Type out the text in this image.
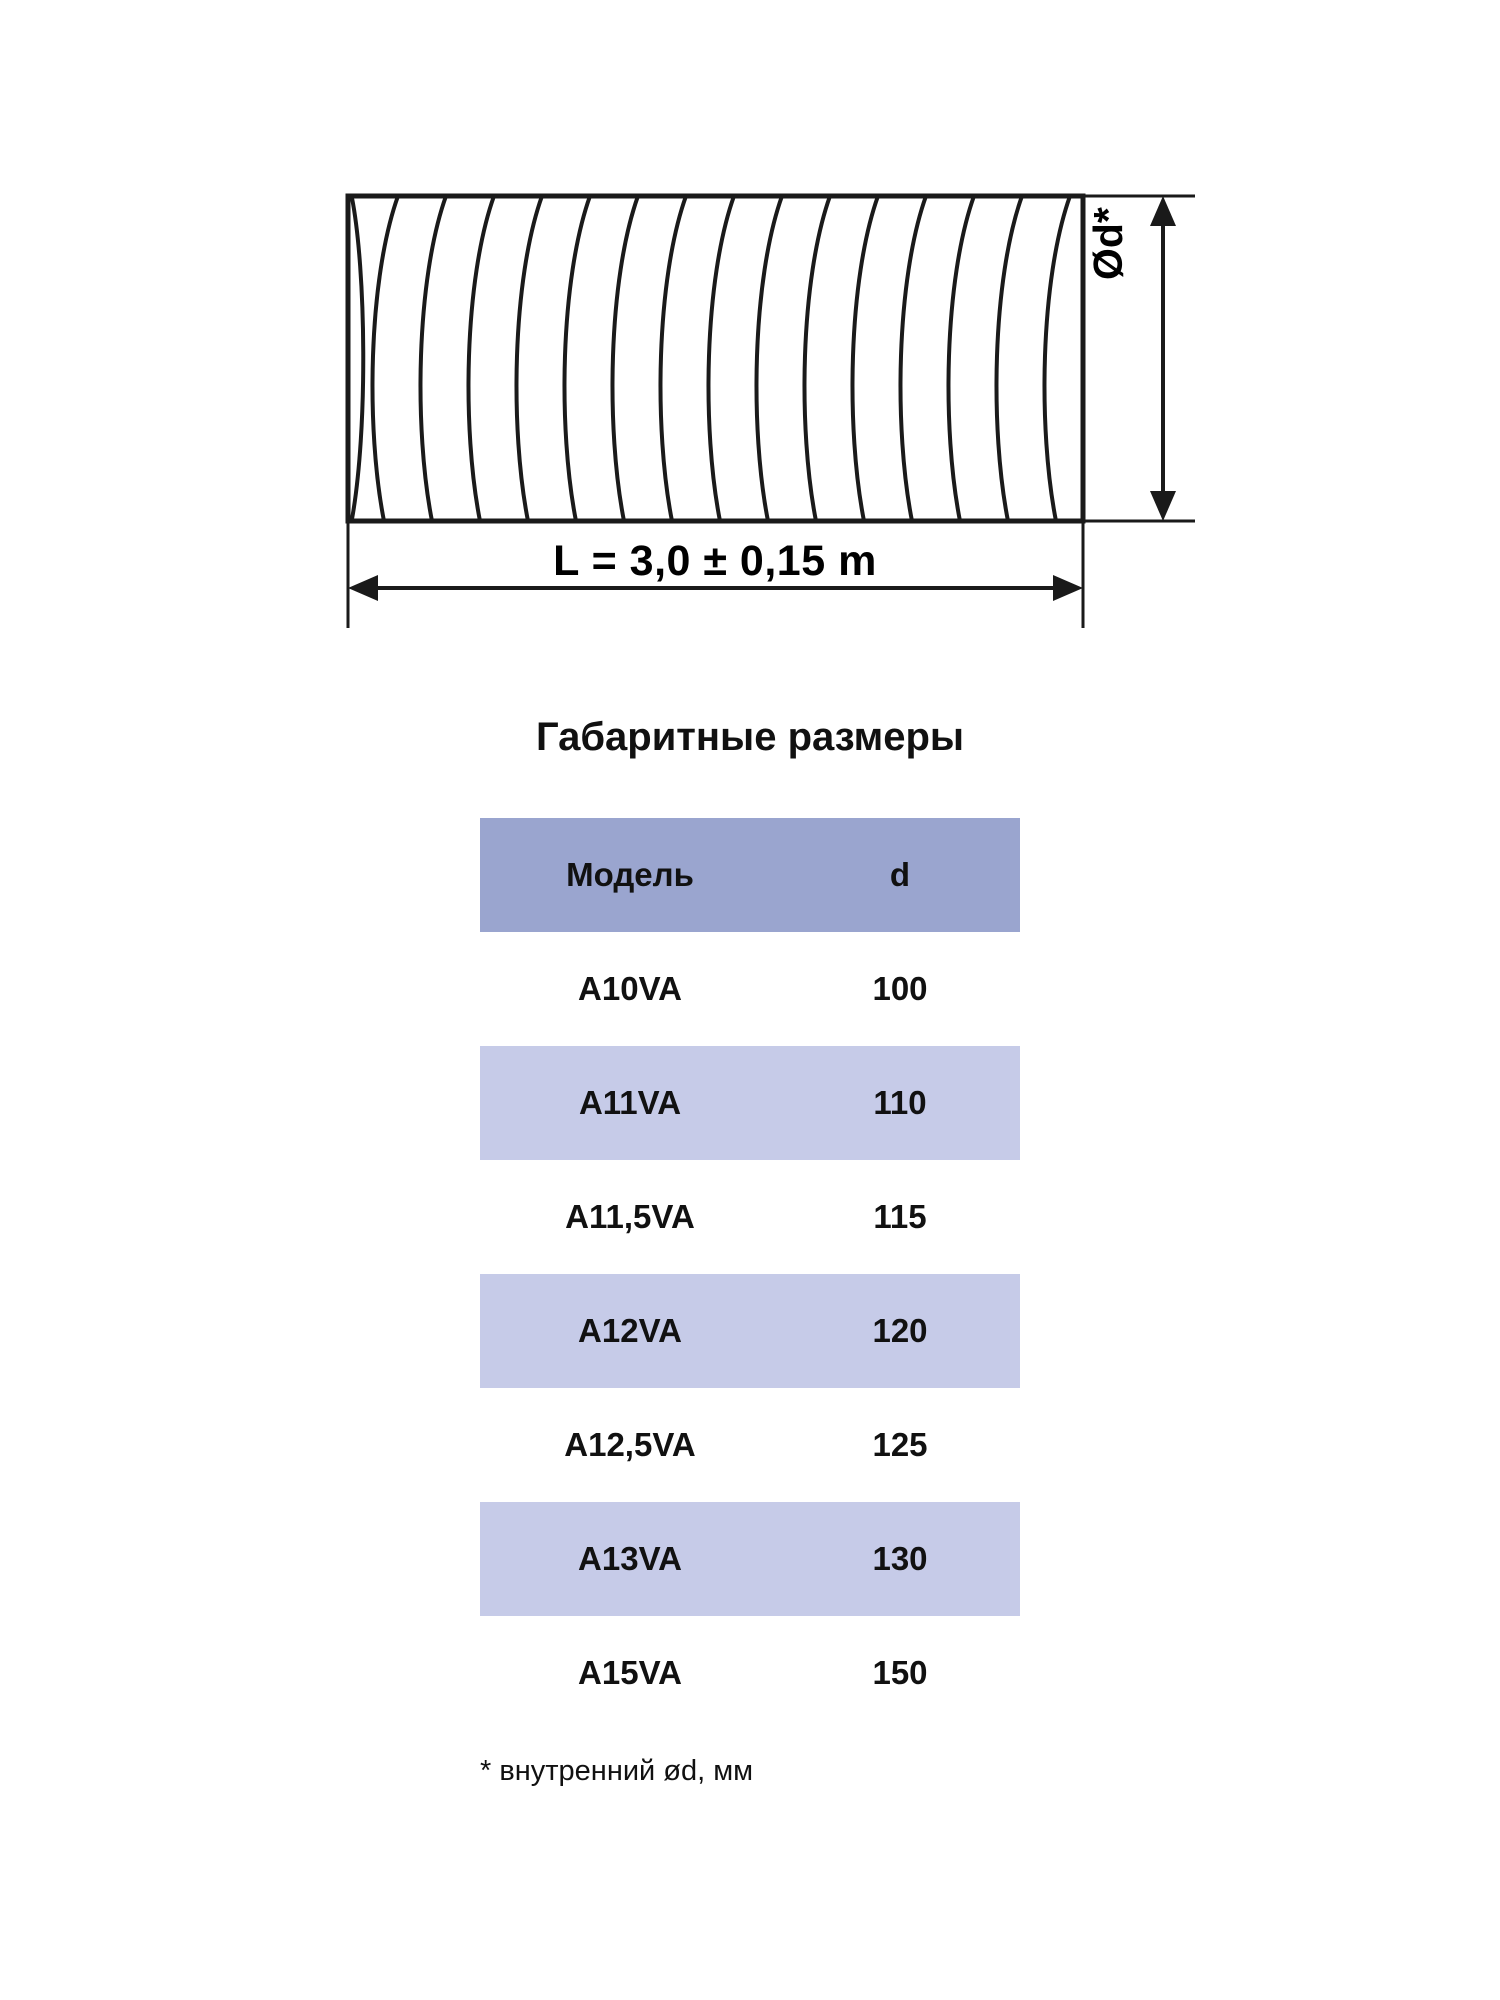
L = 3,0 ± 0,15 m
Ød*
Габаритные размеры
Модель	d
A10VA	100
A11VA	110
A11,5VA	115
A12VA	120
A12,5VA	125
A13VA	130
A15VA	150
* внутренний ød, мм
